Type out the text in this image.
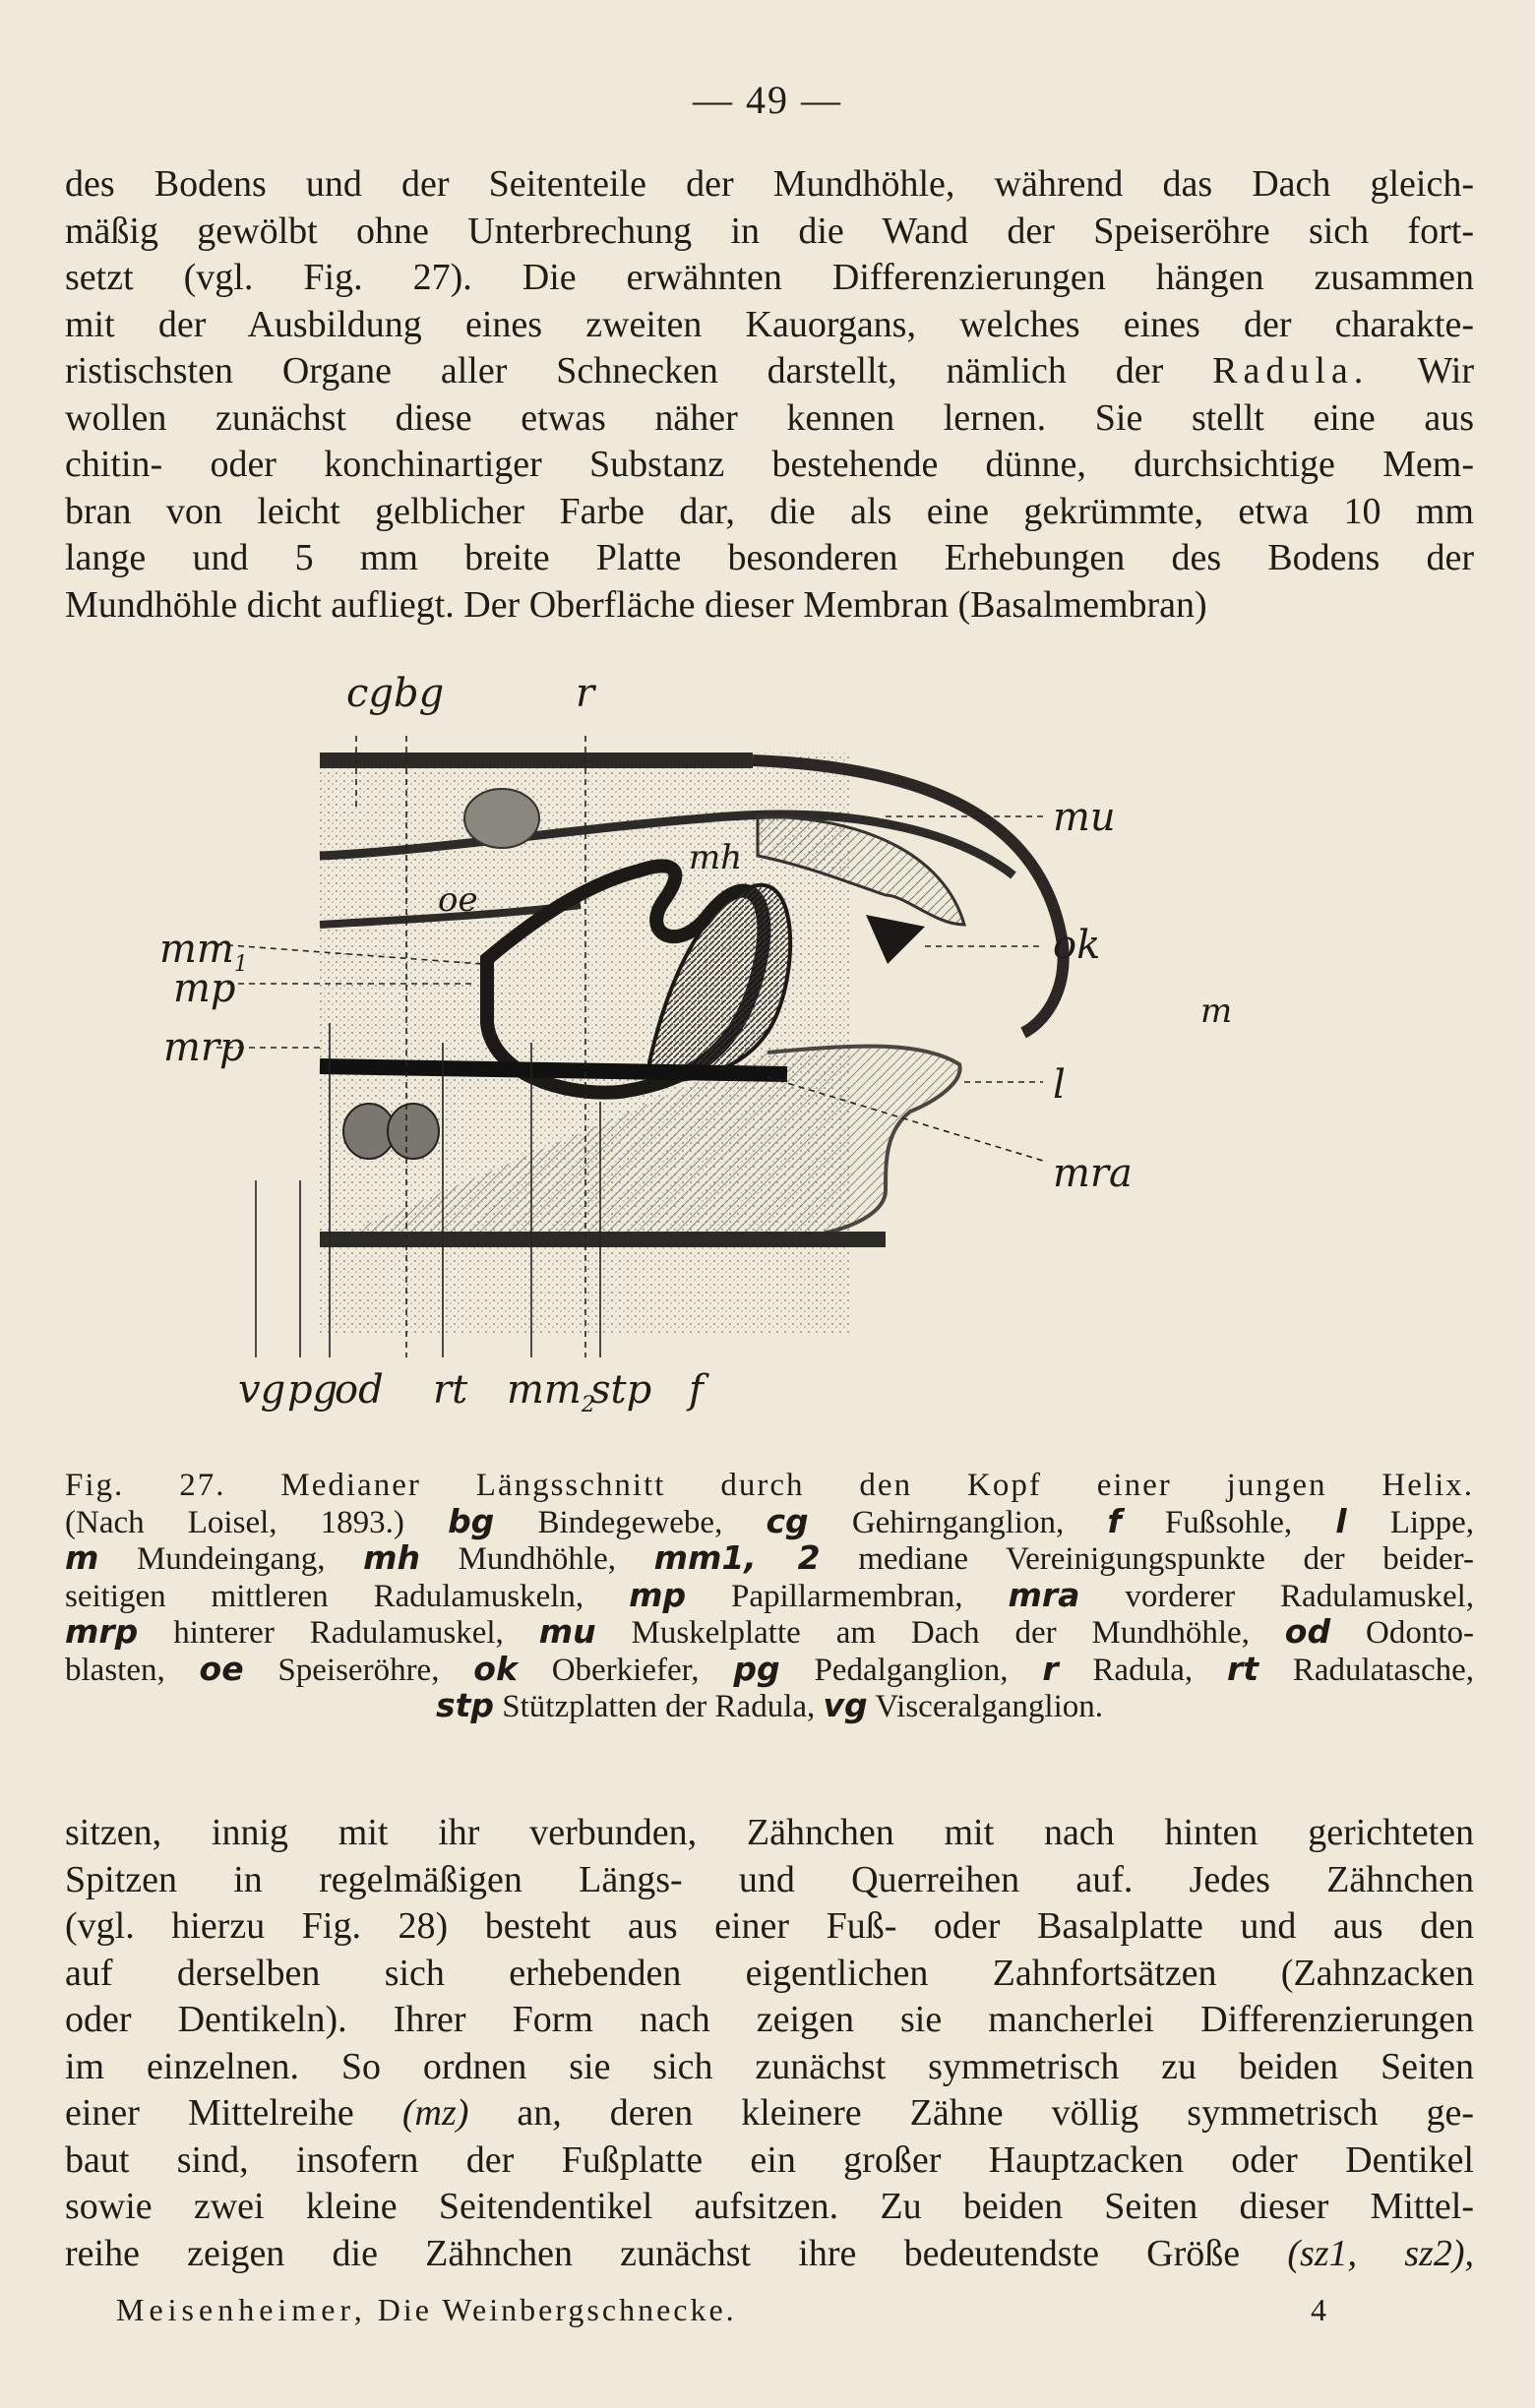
— 49 —
des Bodens und der Seitenteile der Mundhöhle, während das Dach gleich-
mäßig gewölbt ohne Unterbrechung in die Wand der Speiseröhre sich fort-
setzt (vgl. Fig. 27). Die erwähnten Differenzierungen hängen zusammen
mit der Ausbildung eines zweiten Kauorgans, welches eines der charakte-
ristischsten Organe aller Schnecken darstellt, nämlich der Radula. Wir
wollen zunächst diese etwas näher kennen lernen. Sie stellt eine aus
chitin- oder konchinartiger Substanz bestehende dünne, durchsichtige Mem-
bran von leicht gelblicher Farbe dar, die als eine gekrümmte, etwa 10 mm
lange und 5 mm breite Platte besonderen Erhebungen des Bodens der
Mundhöhle dicht aufliegt. Der Oberfläche dieser Membran (Basalmembran)
cg bg	r
mu
mh
oe
$mm_1$	ok
mp	m
mrp
l
mra
vg pg
od rt $mm_2$
stp f
Fig. 27. Medianer Längsschnitt durch den Kopf einer jungen Helix.
(Nach Loisel, 1893.) bg Bindegewebe, cg Gehirnganglion, f Fußsohle, l Lippe,
m Mundeingang, mh Mundhöhle, mm1, 2 mediane Vereinigungspunkte der beider-
seitigen mittleren Radulamuskeln, mp Papillarmembran, mra vorderer Radulamuskel,
mrp hinterer Radulamuskel, mu Muskelplatte am Dach der Mundhöhle, od Odonto-
blasten, oe Speiseröhre, ok Oberkiefer, pg Pedalganglion, r Radula, rt Radulatasche,
stp Stützplatten der Radula, vg Visceralganglion.
sitzen, innig mit ihr verbunden, Zähnchen mit nach hinten gerichteten
Spitzen in regelmäßigen Längs- und Querreihen auf. Jedes Zähnchen
(vgl. hierzu Fig. 28) besteht aus einer Fuß- oder Basalplatte und aus den
auf derselben sich erhebenden eigentlichen Zahnfortsätzen (Zahnzacken
oder Dentikeln). Ihrer Form nach zeigen sie mancherlei Differenzierungen
im einzelnen. So ordnen sie sich zunächst symmetrisch zu beiden Seiten
einer Mittelreihe (mz) an, deren kleinere Zähne völlig symmetrisch ge-
baut sind, insofern der Fußplatte ein großer Hauptzacken oder Dentikel
sowie zwei kleine Seitendentikel aufsitzen. Zu beiden Seiten dieser Mittel-
reihe zeigen die Zähnchen zunächst ihre bedeutendste Größe (sz1, sz2),
Meisenheimer, Die Weinbergschnecke.	4
